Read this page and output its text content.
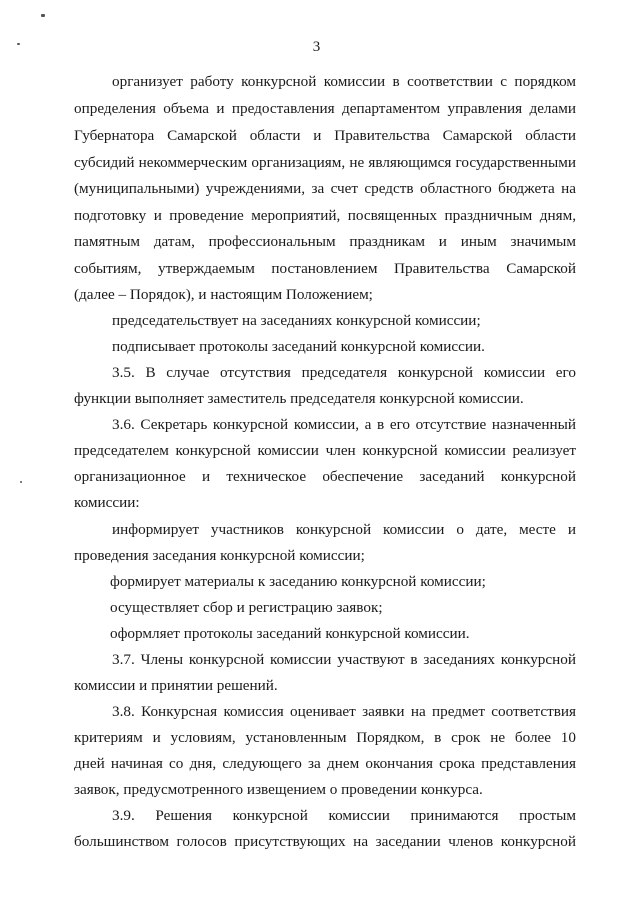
3
организует работу конкурсной комиссии в соответствии с порядком
определения объема и предоставления департаментом управления делами
Губернатора Самарской области и Правительства Самарской области
субсидий некоммерческим организациям, не являющимся государственными
(муниципальными) учреждениями, за счет средств областного бюджета на
подготовку и проведение мероприятий, посвященных праздничным дням,
памятным датам, профессиональным праздникам и иным значимым
событиям, утверждаемым постановлением Правительства Самарской
(далее – Порядок), и настоящим Положением;
председательствует на заседаниях конкурсной комиссии;
подписывает протоколы заседаний конкурсной комиссии.
3.5. В случае отсутствия председателя конкурсной комиссии его
функции выполняет заместитель председателя конкурсной комиссии.
3.6. Секретарь конкурсной комиссии, а в его отсутствие назначенный
председателем конкурсной комиссии член конкурсной комиссии реализует
организационное и техническое обеспечение заседаний конкурсной
комиссии:
информирует участников конкурсной комиссии о дате, месте и
проведения заседания конкурсной комиссии;
формирует материалы к заседанию конкурсной комиссии;
осуществляет сбор и регистрацию заявок;
оформляет протоколы заседаний конкурсной комиссии.
3.7. Члены конкурсной комиссии участвуют в заседаниях конкурсной
комиссии и принятии решений.
3.8. Конкурсная комиссия оценивает заявки на предмет соответствия
критериям и условиям, установленным Порядком, в срок не более 10
дней начиная со дня, следующего за днем окончания срока представления
заявок, предусмотренного извещением о проведении конкурса.
3.9. Решения конкурсной комиссии принимаются простым
большинством голосов присутствующих на заседании членов конкурсной
